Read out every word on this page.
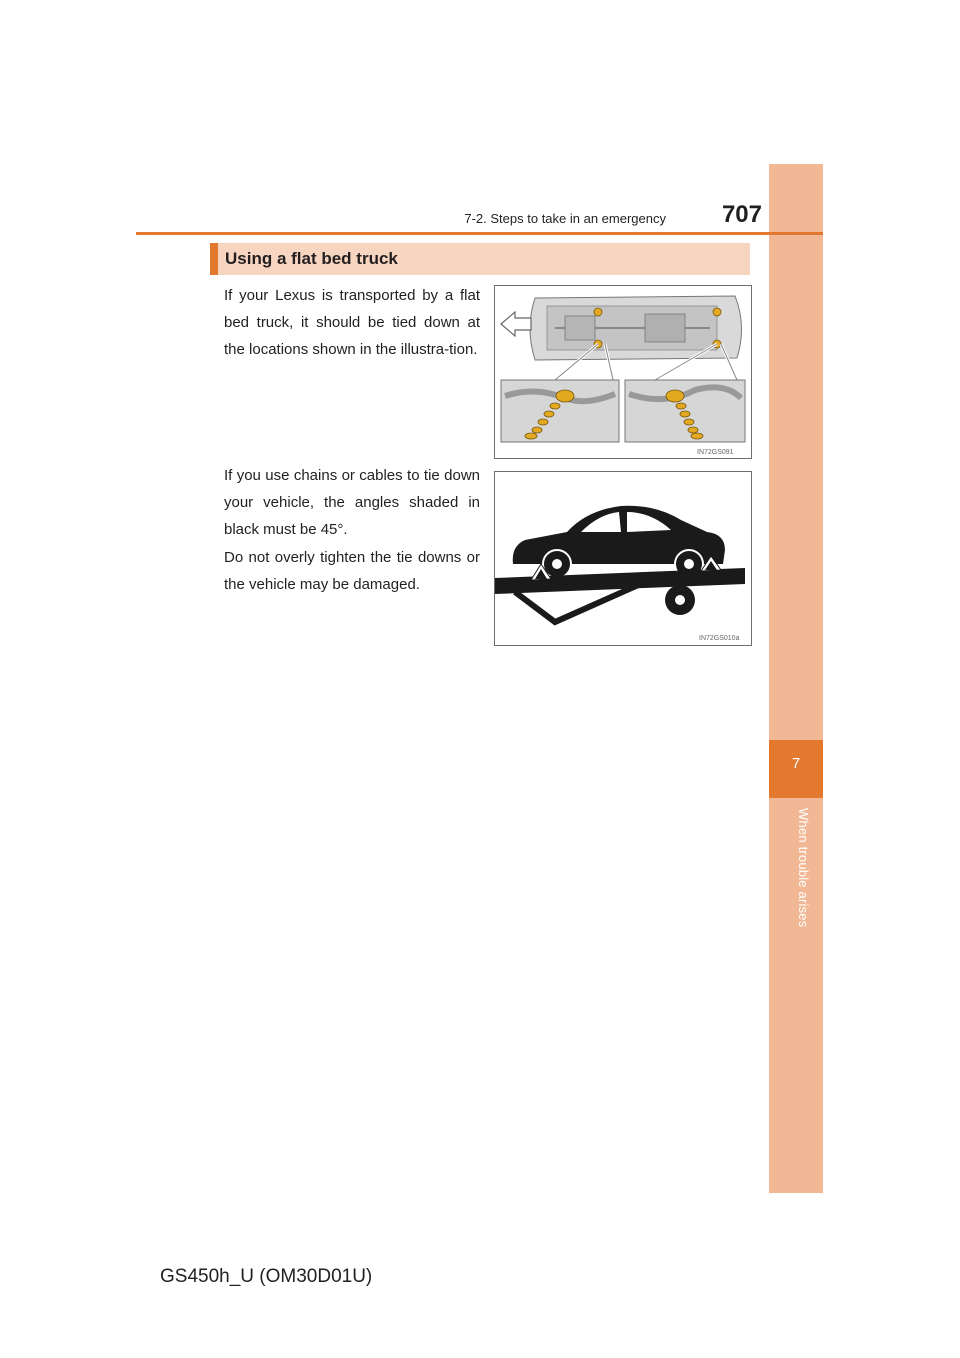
7
When trouble arises
7-2. Steps to take in an emergency	707
Using a flat bed truck

If your Lexus is transported by a flat bed truck, it should be tied down at the locations shown in the illustra-tion.

If you use chains or cables to tie down your vehicle, the angles shaded in black must be 45°.

Do not overly tighten the tie downs or the vehicle may be damaged.

IN72GS091
IN72GS010a
GS450h_U (OM30D01U)
